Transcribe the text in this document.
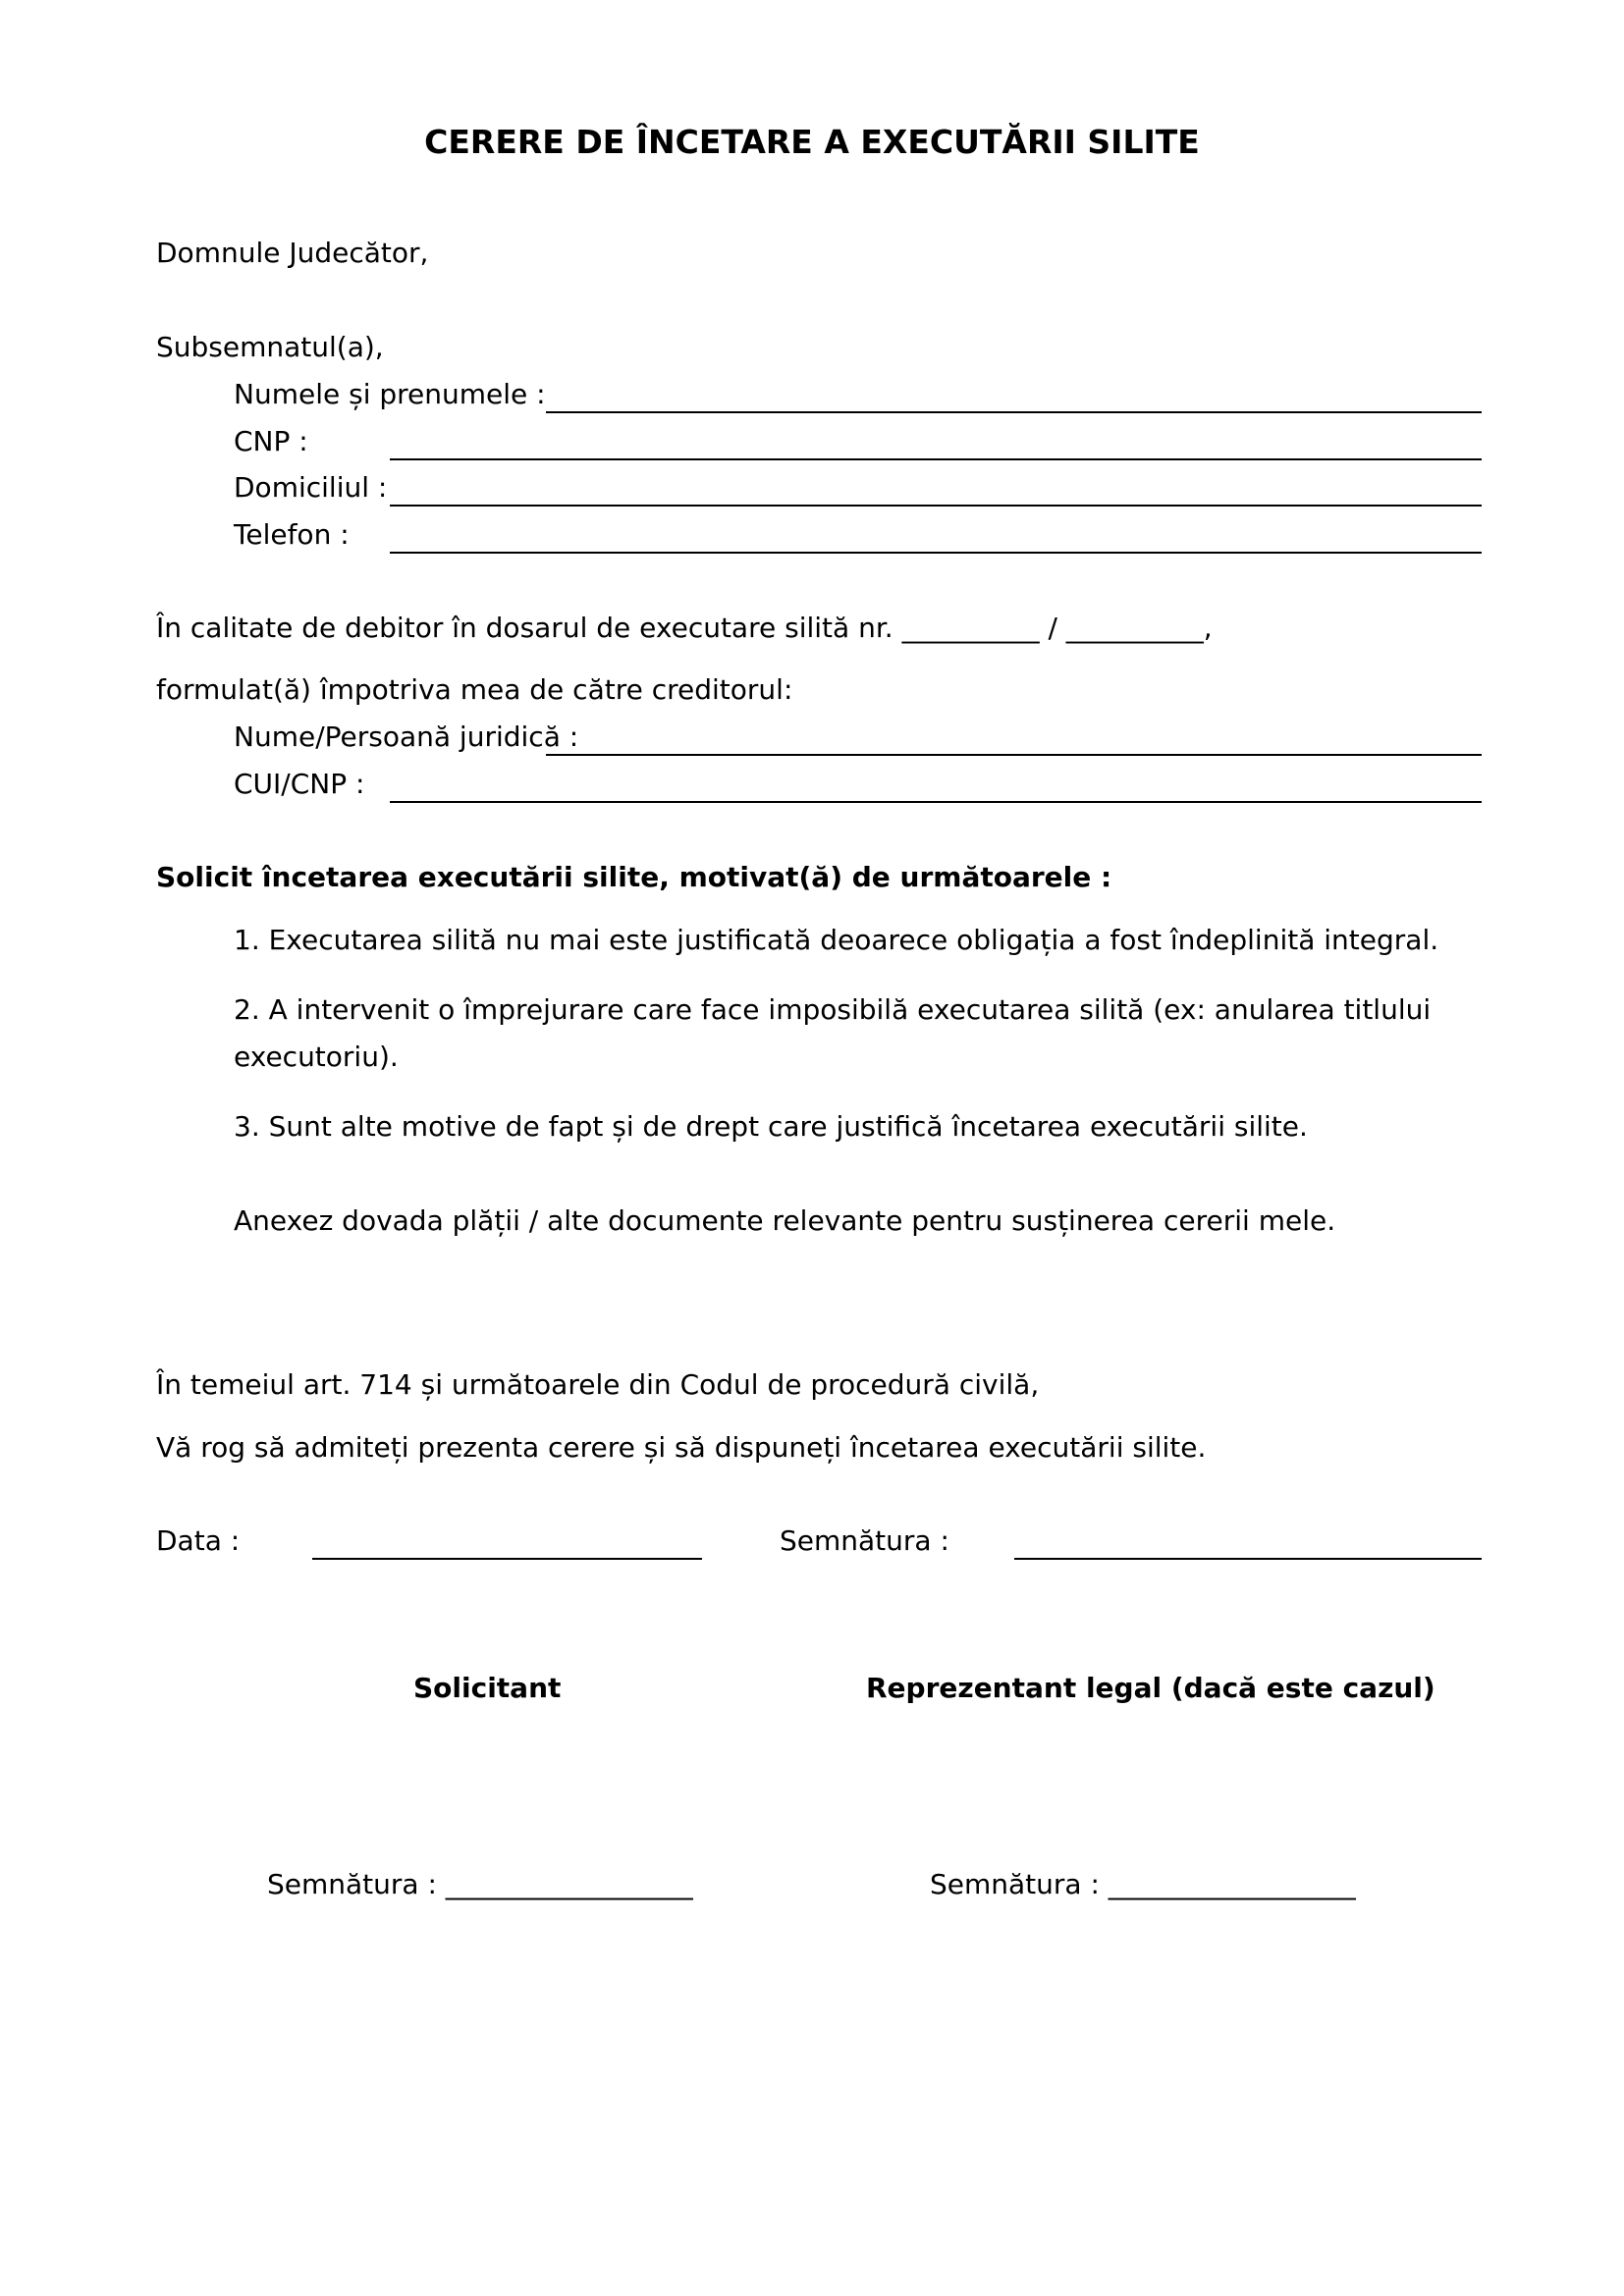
CERERE DE ÎNCETARE A EXECUTĂRII SILITE
Domnule Judecător,
Subsemnatul(a),
Numele și prenumele :
CNP :
Domiciliul :
Telefon :
În calitate de debitor în dosarul de executare silită nr. __________ / __________,
formulat(ă) împotriva mea de către creditorul:
Nume/Persoană juridică :
CUI/CNP :
Solicit încetarea executării silite, motivat(ă) de următoarele :
1. Executarea silită nu mai este justificată deoarece obligația a fost îndeplinită integral.
2. A intervenit o împrejurare care face imposibilă executarea silită (ex: anularea titlului
executoriu).
3. Sunt alte motive de fapt și de drept care justifică încetarea executării silite.
Anexez dovada plății / alte documente relevante pentru susținerea cererii mele.
În temeiul art. 714 și următoarele din Codul de procedură civilă,
Vă rog să admiteți prezenta cerere și să dispuneți încetarea executării silite.
Data :	Semnătura :
Solicitant	Reprezentant legal (dacă este cazul)
Semnătura : __________________	Semnătura : __________________
